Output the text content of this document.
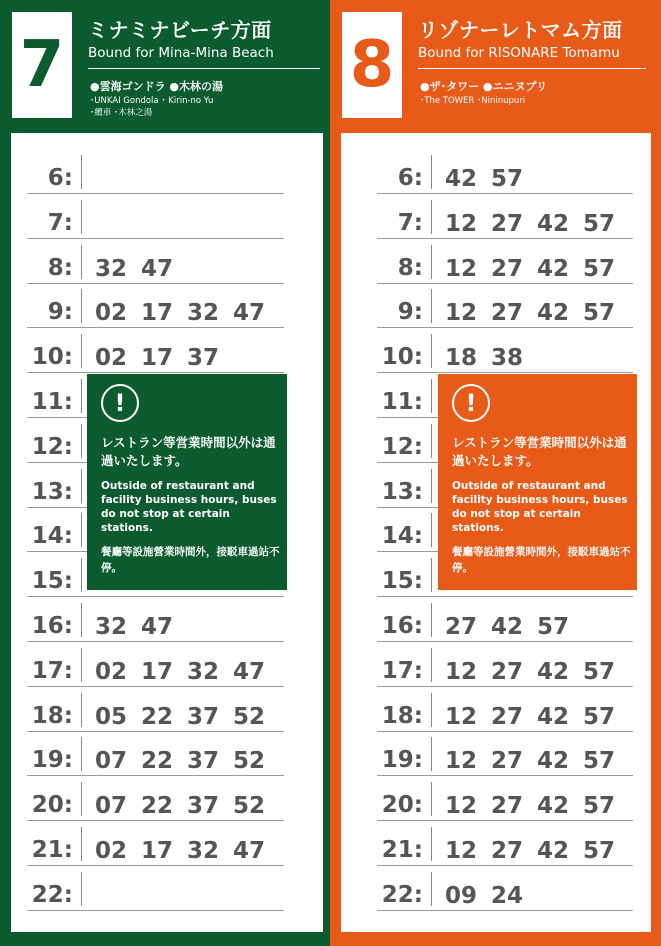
7	ミナミナビーチ方面
Bound for Mina-Mina Beach
●雲海ゴンドラ ●木林の湯
･UNKAI Gondola ･ Kirin-no Yu
･纜車 ･木林之湯
8	リゾナーレトマム方面
Bound for RISONARE Tomamu
●ザ･タワー ●ニニヌプリ
･The TOWER ･Nininupuri
6:
7:
8: 32 47
9: 02 17 32 47
10: 02 17 37
11:
12:
13:
14:
15:
16: 32 47
17: 02 17 32 47
18: 05 22 37 52
19: 07 22 37 52
20: 07 22 37 52
21: 02 17 32 47
22:
6: 42 57
7: 12 27 42 57
8: 12 27 42 57
9: 12 27 42 57
10: 18 38
11:
12:
13:
14:
15:
16: 27 42 57
17: 12 27 42 57
18: 12 27 42 57
19: 12 27 42 57
20: 12 27 42 57
21: 12 27 42 57
22: 09 24
!
レストラン等営業時間以外は通過いたします。
Outside of restaurant and facility business hours, buses do not stop at certain stations.
餐廳等設施營業時間外，接駁車過站不停。
!
レストラン等営業時間以外は通過いたします。
Outside of restaurant and facility business hours, buses do not stop at certain stations.
餐廳等設施營業時間外，接駁車過站不停。
